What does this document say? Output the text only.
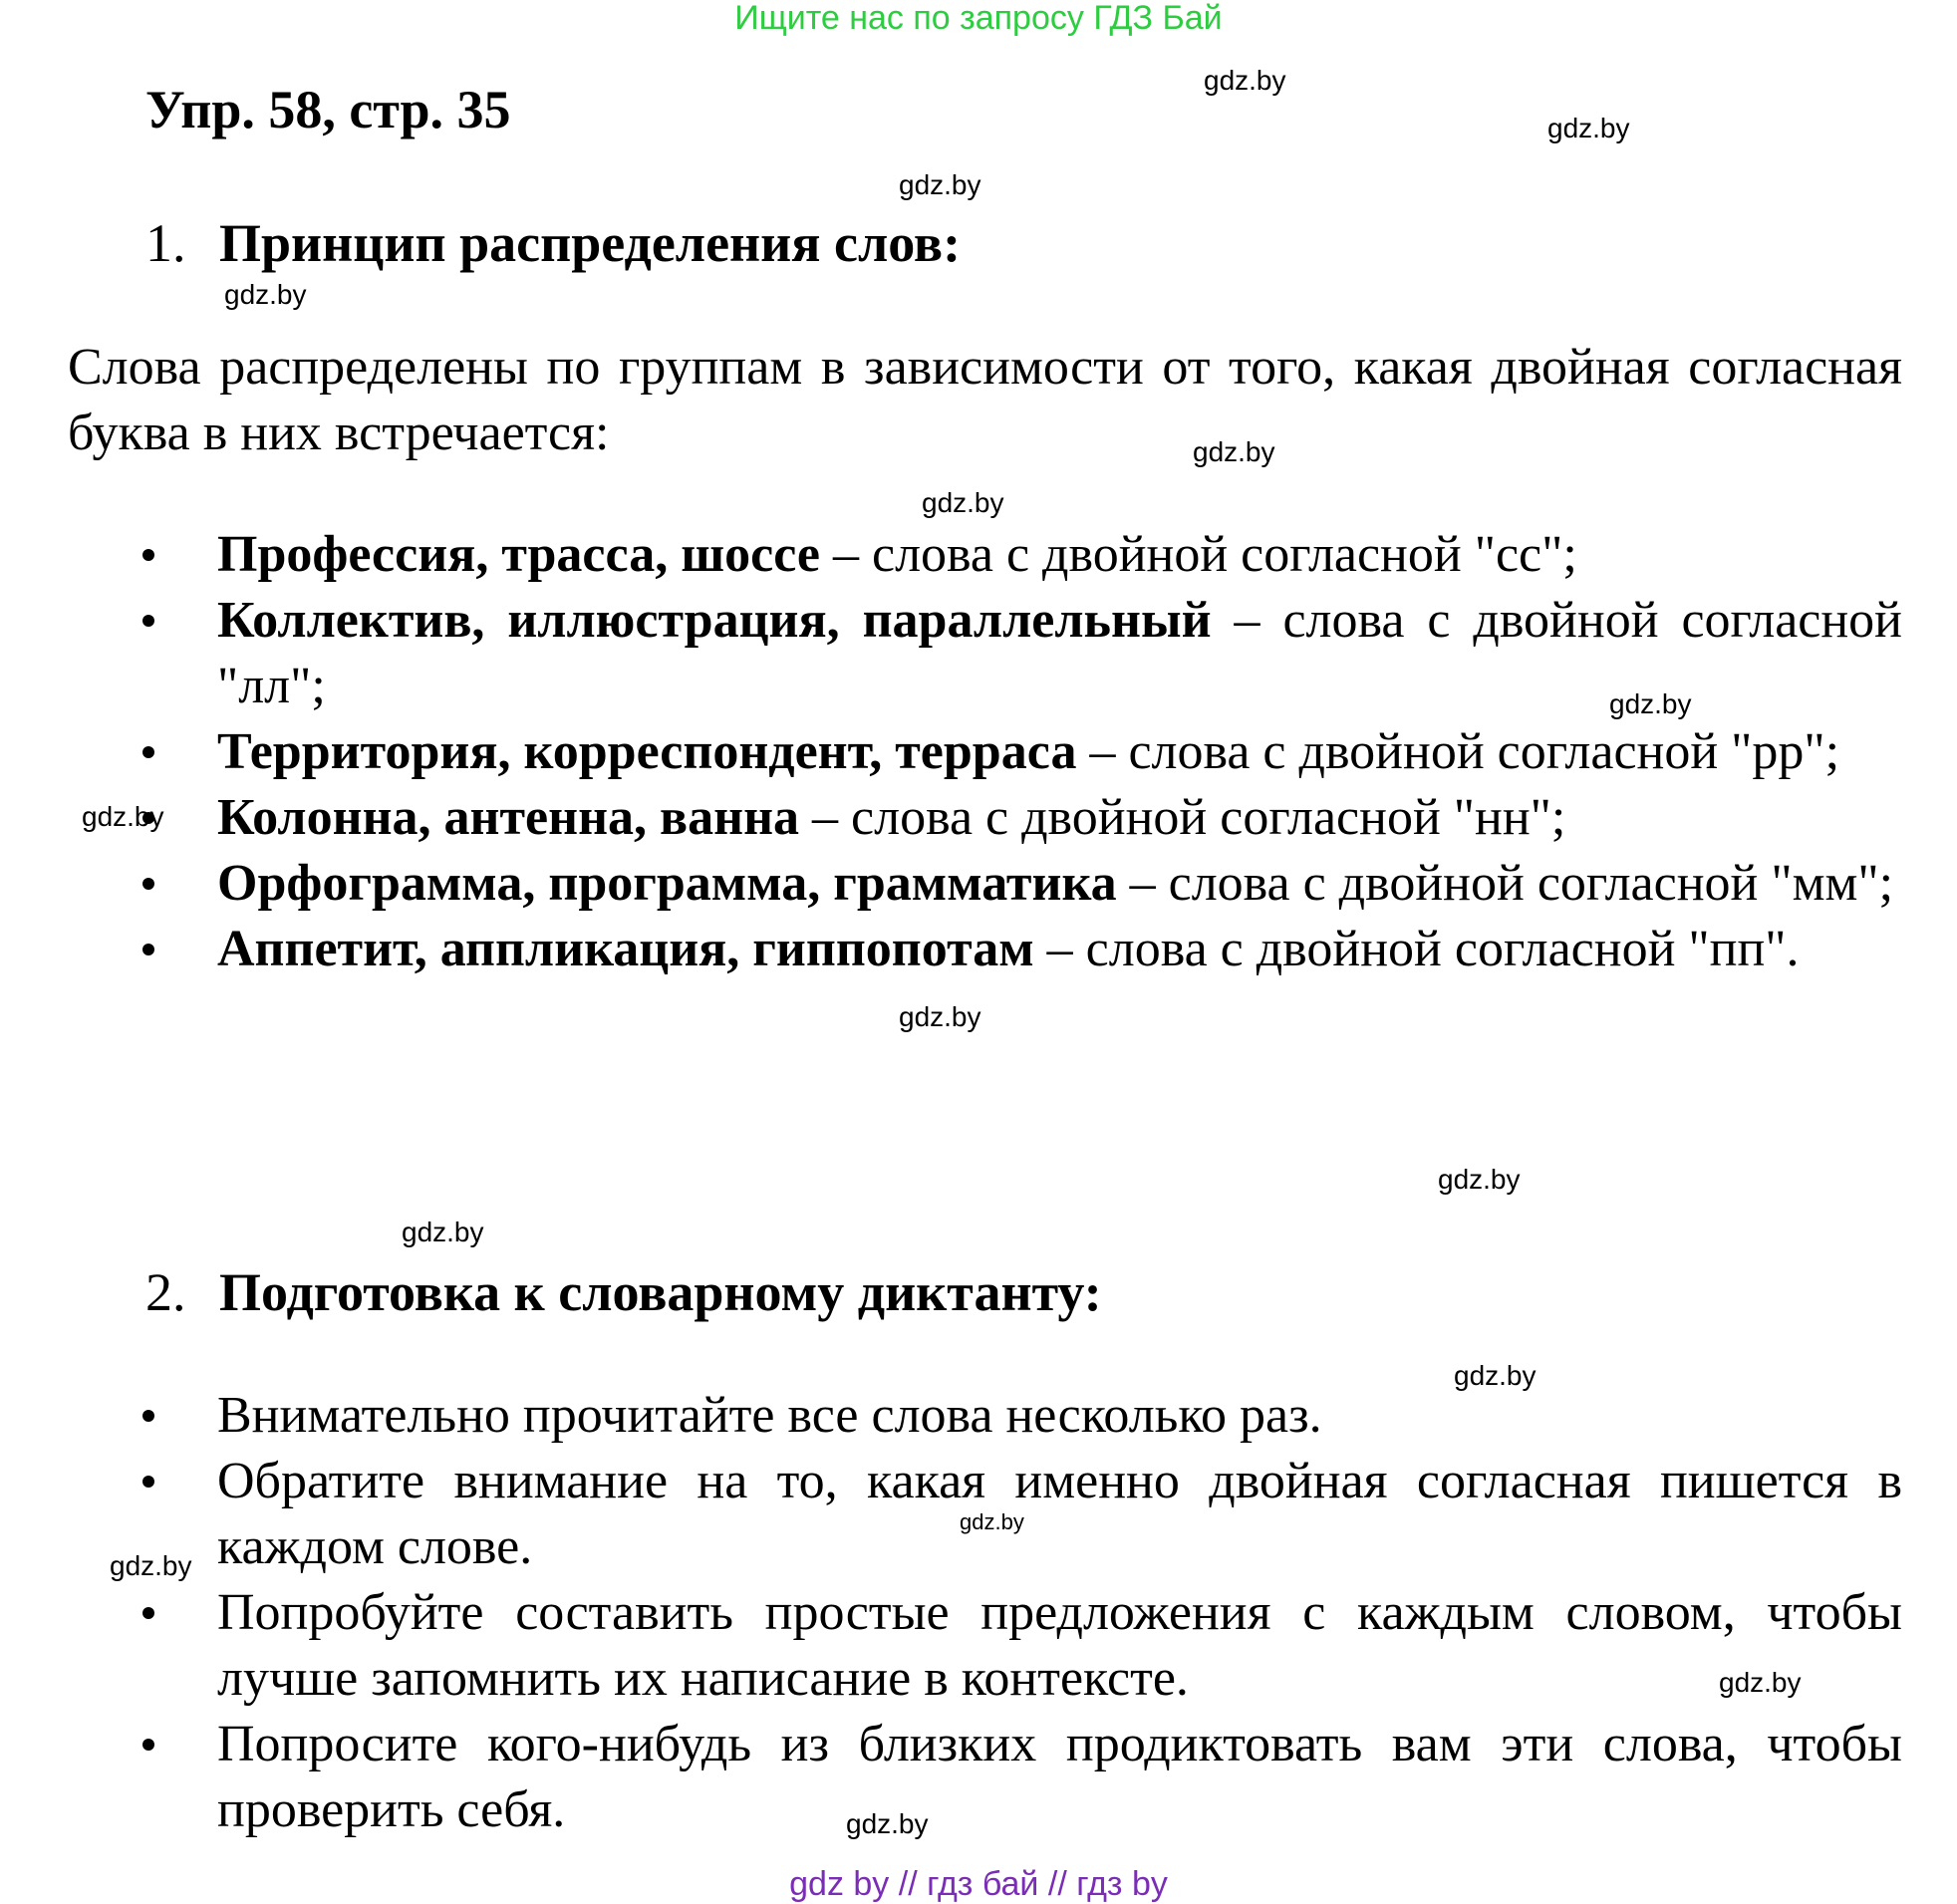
Ищите нас по запросу ГДЗ Бай
Упр. 58, стр. 35
1. Принцип распределения слов:
Слова распределены по группам в зависимости от того, какая двойная согласная буква в них встречается:
Профессия, трасса, шоссе – слова с двойной согласной "сс";
Коллектив, иллюстрация, параллельный – слова с двойной согласной "лл";
Территория, корреспондент, терраса – слова с двойной согласной "рр";
Колонна, антенна, ванна – слова с двойной согласной "нн";
Орфограмма, программа, грамматика – слова с двойной согласной "мм";
Аппетит, аппликация, гиппопотам – слова с двойной согласной "пп".
2. Подготовка к словарному диктанту:
Внимательно прочитайте все слова несколько раз.
Обратите внимание на то, какая именно двойная согласная пишется в каждом слове.
Попробуйте составить простые предложения с каждым словом, чтобы лучше запомнить их написание в контексте.
Попросите кого-нибудь из близких продиктовать вам эти слова, чтобы проверить себя.
gdz.by
gdz.by
gdz.by
gdz.by
gdz.by
gdz.by
gdz.by
gdz.by
gdz.by
gdz.by
gdz.by
gdz.by
gdz.by
gdz.by
gdz.by
gdz.by
gdz by // гдз бай // гдз by
